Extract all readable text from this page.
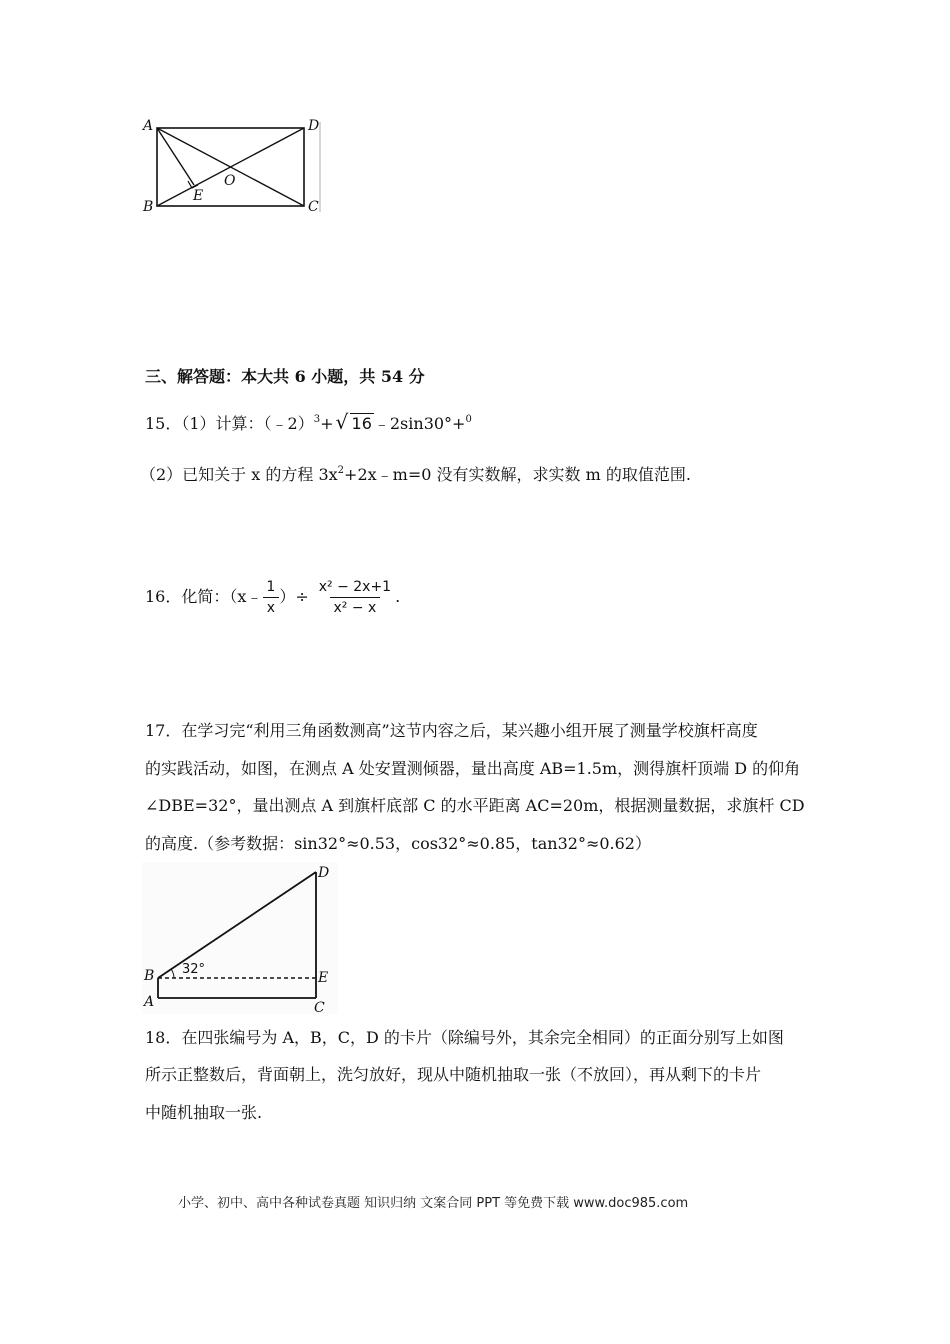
A	D
B	C
E
O
三、解答题：本大共 6 小题，共 54 分
15．（1）计算：（﹣2）$^3$+ √ 16 ﹣2sin30°+$^0$
（2）已知关于 x 的方程 $3x^2+2x﹣m=0$ 没有实数解，求实数 m 的取值范围.
16．化简：（x﹣ $\frac{1}{x}$ ）÷ $\frac{\text{x² − 2x+1}}{\text{x² − x}}$ .
17．在学习完“利用三角函数测高”这节内容之后，某兴趣小组开展了测量学校旗杆高度
的实践活动，如图，在测点 A 处安置测倾器，量出高度 AB=1.5m，测得旗杆顶端 D 的仰角
∠DBE=32°，量出测点 A 到旗杆底部 C 的水平距离 AC=20m，根据测量数据，求旗杆 CD
的高度.（参考数据：sin32°≈0.53，cos32°≈0.85，tan32°≈0.62）
B
D
E
A	C
32°
18．在四张编号为 A，B，C，D 的卡片（除编号外，其余完全相同）的正面分别写上如图
所示正整数后，背面朝上，洗匀放好，现从中随机抽取一张（不放回），再从剩下的卡片
中随机抽取一张.
小学、初中、高中各种试卷真题 知识归纳 文案合同 PPT 等免费下载 www.doc985.com
